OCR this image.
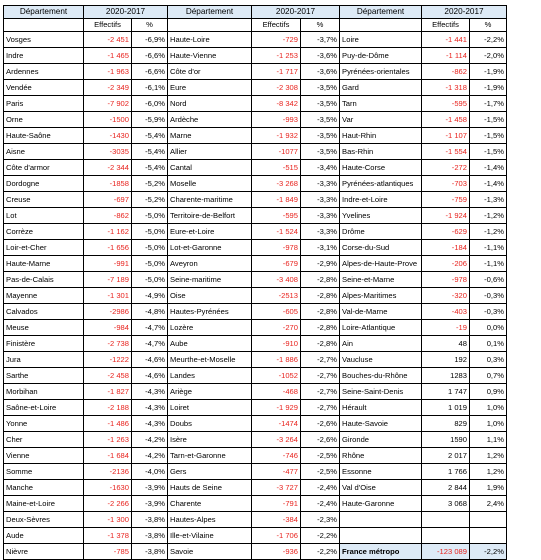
Département	2020-2017		Département	2020-2017		Département	2020-2017	
	Effectifs	%		Effectifs	%		Effectifs	%
Vosges	-2 451	-6,9%	Haute-Loire	-729	-3,7%	Loire	-1 441	-2,2%
Indre	-1 465	-6,6%	Haute-Vienne	-1 253	-3,6%	Puy-de-Dôme	-1 114	-2,0%
Ardennes	-1 963	-6,6%	Côte d'or	-1 717	-3,6%	Pyrénées-orientales	-862	-1,9%
Vendée	-2 349	-6,1%	Eure	-2 308	-3,5%	Gard	-1 318	-1,9%
Paris	-7 902	-6,0%	Nord	-8 342	-3,5%	Tarn	-595	-1,7%
Orne	-1500	-5,9%	Ardèche	-993	-3,5%	Var	-1 458	-1,5%
Haute-Saône	-1430	-5,4%	Marne	-1 932	-3,5%	Haut-Rhin	-1 107	-1,5%
Aisne	-3035	-5,4%	Allier	-1077	-3,5%	Bas-Rhin	-1 554	-1,5%
Côte d'armor	-2 344	-5,4%	Cantal	-515	-3,4%	Haute-Corse	-272	-1,4%
Dordogne	-1858	-5,2%	Moselle	-3 268	-3,3%	Pyrénées-atlantiques	-703	-1,4%
Creuse	-697	-5,2%	Charente-maritime	-1 849	-3,3%	Indre-et-Loire	-759	-1,3%
Lot	-862	-5,0%	Territoire-de-Belfort	-595	-3,3%	Yvelines	-1 924	-1,2%
Corrèze	-1 162	-5,0%	Eure-et-Loire	-1 524	-3,3%	Drôme	-629	-1,2%
Loir-et-Cher	-1 656	-5,0%	Lot-et-Garonne	-978	-3,1%	Corse-du-Sud	-184	-1,1%
Haute-Marne	-991	-5,0%	Aveyron	-679	-2,9%	Alpes-de-Haute-Prove	-206	-1,1%
Pas-de-Calais	-7 189	-5,0%	Seine-maritime	-3 408	-2,8%	Seine-et-Marne	-978	-0,6%
Mayenne	-1 301	-4,9%	Oise	-2513	-2,8%	Alpes-Maritimes	-320	-0,3%
Calvados	-2986	-4,8%	Hautes-Pyrénées	-605	-2,8%	Val-de-Marne	-403	-0,3%
Meuse	-984	-4,7%	Lozère	-270	-2,8%	Loire-Atlantique	-19	0,0%
Finistère	-2 738	-4,7%	Aube	-910	-2,8%	Ain	48	0,1%
Jura	-1222	-4,6%	Meurthe-et-Moselle	-1 886	-2,7%	Vaucluse	192	0,3%
Sarthe	-2 458	-4,6%	Landes	-1052	-2,7%	Bouches-du-Rhône	1283	0,7%
Morbihan	-1 827	-4,3%	Ariège	-468	-2,7%	Seine-Saint-Denis	1 747	0,9%
Saône-et-Loire	-2 188	-4,3%	Loiret	-1 929	-2,7%	Hérault	1 019	1,0%
Yonne	-1 486	-4,3%	Doubs	-1474	-2,6%	Haute-Savoie	829	1,0%
Cher	-1 263	-4,2%	Isère	-3 264	-2,6%	Gironde	1590	1,1%
Vienne	-1 684	-4,2%	Tarn-et-Garonne	-746	-2,5%	Rhône	2 017	1,2%
Somme	-2136	-4,0%	Gers	-477	-2,5%	Essonne	1 766	1,2%
Manche	-1630	-3,9%	Hauts de Seine	-3 727	-2,4%	Val d'Oise	2 844	1,9%
Maine-et-Loire	-2 266	-3,9%	Charente	-791	-2,4%	Haute-Garonne	3 068	2,4%
Deux-Sèvres	-1 300	-3,8%	Hautes-Alpes	-384	-2,3%			
Aude	-1 378	-3,8%	Ille-et-Vilaine	-1 706	-2,2%			
Nièvre	-785	-3,8%	Savoie	-936	-2,2%	France métropo	-123 089	-2,2%
